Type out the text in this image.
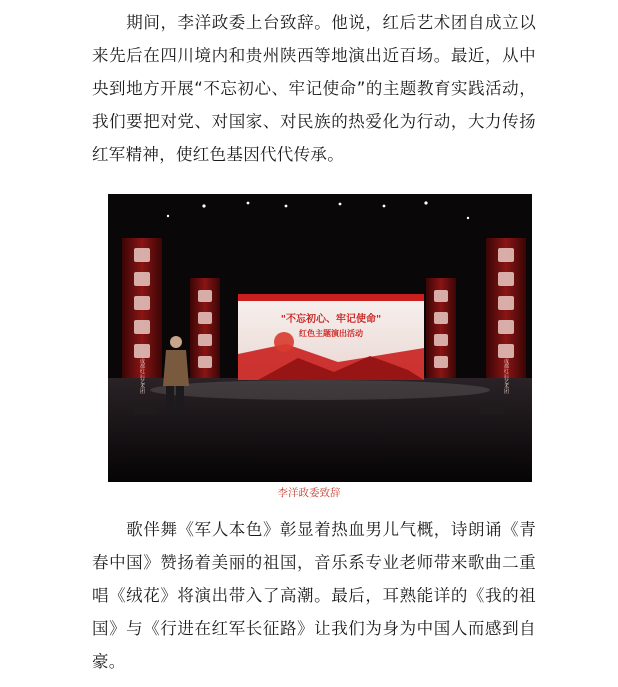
期间，李洋政委上台致辞。他说，红后艺术团自成立以来先后在四川境内和贵州陕西等地演出近百场。最近，从中央到地方开展“不忘初心、牢记使命”的主题教育实践活动，我们要把对党、对国家、对民族的热爱化为行动，大力传扬红军精神，使红色基因代代传承。

"不忘初心、牢记使命"
红色主题演出活动
成都红后艺术团	成都红后艺术团
李洋政委致辞

歌伴舞《军人本色》彰显着热血男儿气概，诗朗诵《青春中国》赞扬着美丽的祖国，音乐系专业老师带来歌曲二重唱《绒花》将演出带入了高潮。最后，耳熟能详的《我的祖国》与《行进在红军长征路》让我们为身为中国人而感到自豪。
